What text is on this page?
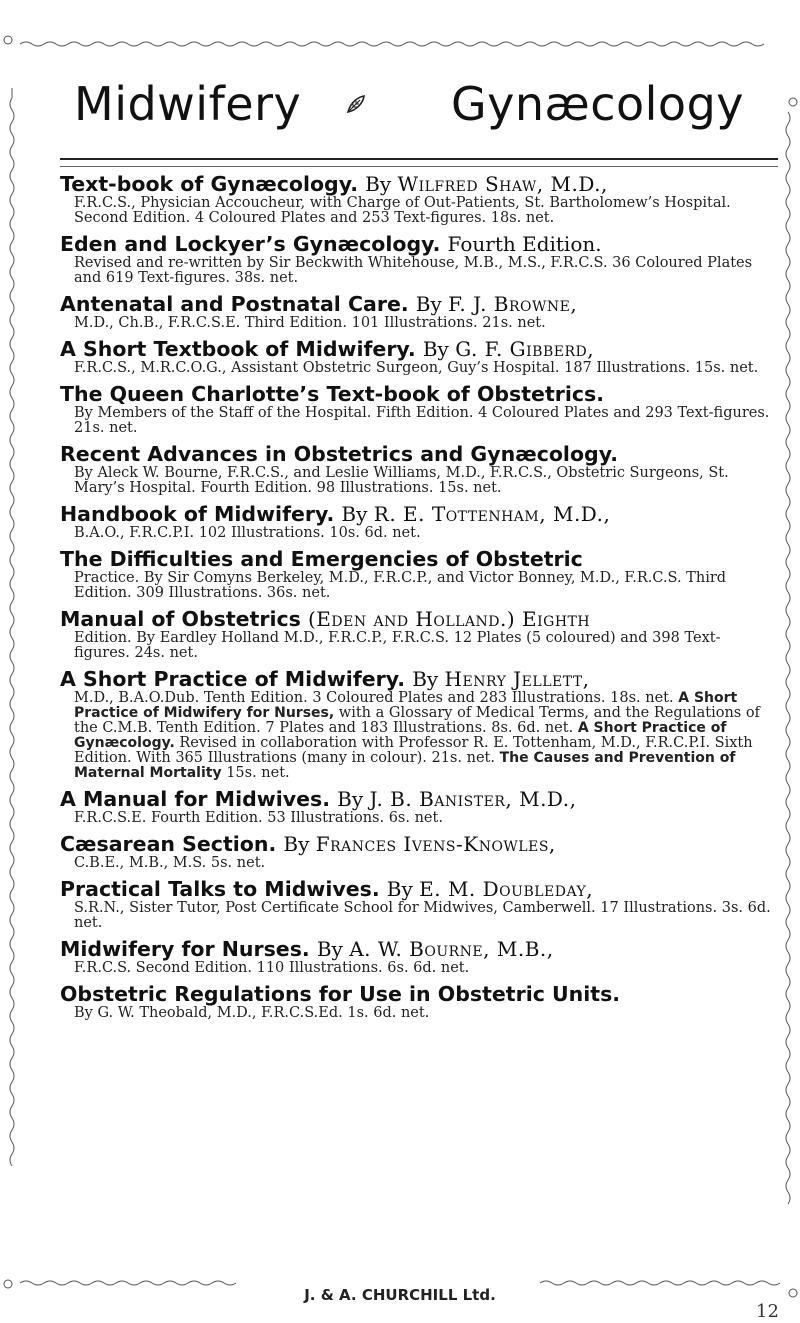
Midwifery	Gynæcology
Text-book of Gynæcology. By Wilfred Shaw, M.D.,
F.R.C.S., Physician Accoucheur, with Charge of Out-Patients, St. Bartholomew’s Hospital. Second Edition. 4 Coloured Plates and 253 Text-figures. 18s. net.
Eden and Lockyer’s Gynæcology. Fourth Edition.
Revised and re-written by Sir Beckwith Whitehouse, M.B., M.S., F.R.C.S. 36 Coloured Plates and 619 Text-figures. 38s. net.
Antenatal and Postnatal Care. By F. J. Browne,
M.D., Ch.B., F.R.C.S.E. Third Edition. 101 Illustrations. 21s. net.
A Short Textbook of Midwifery. By G. F. Gibberd,
F.R.C.S., M.R.C.O.G., Assistant Obstetric Surgeon, Guy’s Hospital. 187 Illustrations. 15s. net.
The Queen Charlotte’s Text-book of Obstetrics.
By Members of the Staff of the Hospital. Fifth Edition. 4 Coloured Plates and 293 Text-figures. 21s. net.
Recent Advances in Obstetrics and Gynæcology.
By Aleck W. Bourne, F.R.C.S., and Leslie Williams, M.D., F.R.C.S., Obstetric Surgeons, St. Mary’s Hospital. Fourth Edition. 98 Illustrations. 15s. net.
Handbook of Midwifery. By R. E. Tottenham, M.D.,
B.A.O., F.R.C.P.I. 102 Illustrations. 10s. 6d. net.
The Difficulties and Emergencies of Obstetric
Practice. By Sir Comyns Berkeley, M.D., F.R.C.P., and Victor Bonney, M.D., F.R.C.S. Third Edition. 309 Illustrations. 36s. net.
Manual of Obstetrics (Eden and Holland.) Eighth
Edition. By Eardley Holland M.D., F.R.C.P., F.R.C.S. 12 Plates (5 coloured) and 398 Text-figures. 24s. net.
A Short Practice of Midwifery. By Henry Jellett,
M.D., B.A.O.Dub. Tenth Edition. 3 Coloured Plates and 283 Illustrations. 18s. net. A Short Practice of Midwifery for Nurses, with a Glossary of Medical Terms, and the Regulations of the C.M.B. Tenth Edition. 7 Plates and 183 Illustrations. 8s. 6d. net. A Short Practice of Gynæcology. Revised in collaboration with Professor R. E. Tottenham, M.D., F.R.C.P.I. Sixth Edition. With 365 Illustrations (many in colour). 21s. net. The Causes and Prevention of Maternal Mortality 15s. net.
A Manual for Midwives. By J. B. Banister, M.D.,
F.R.C.S.E. Fourth Edition. 53 Illustrations. 6s. net.
Cæsarean Section. By Frances Ivens-Knowles,
C.B.E., M.B., M.S. 5s. net.
Practical Talks to Midwives. By E. M. Doubleday,
S.R.N., Sister Tutor, Post Certificate School for Midwives, Camberwell. 17 Illustrations. 3s. 6d. net.
Midwifery for Nurses. By A. W. Bourne, M.B.,
F.R.C.S. Second Edition. 110 Illustrations. 6s. 6d. net.
Obstetric Regulations for Use in Obstetric Units.
By G. W. Theobald, M.D., F.R.C.S.Ed. 1s. 6d. net.
J. & A. CHURCHILL Ltd.
12
